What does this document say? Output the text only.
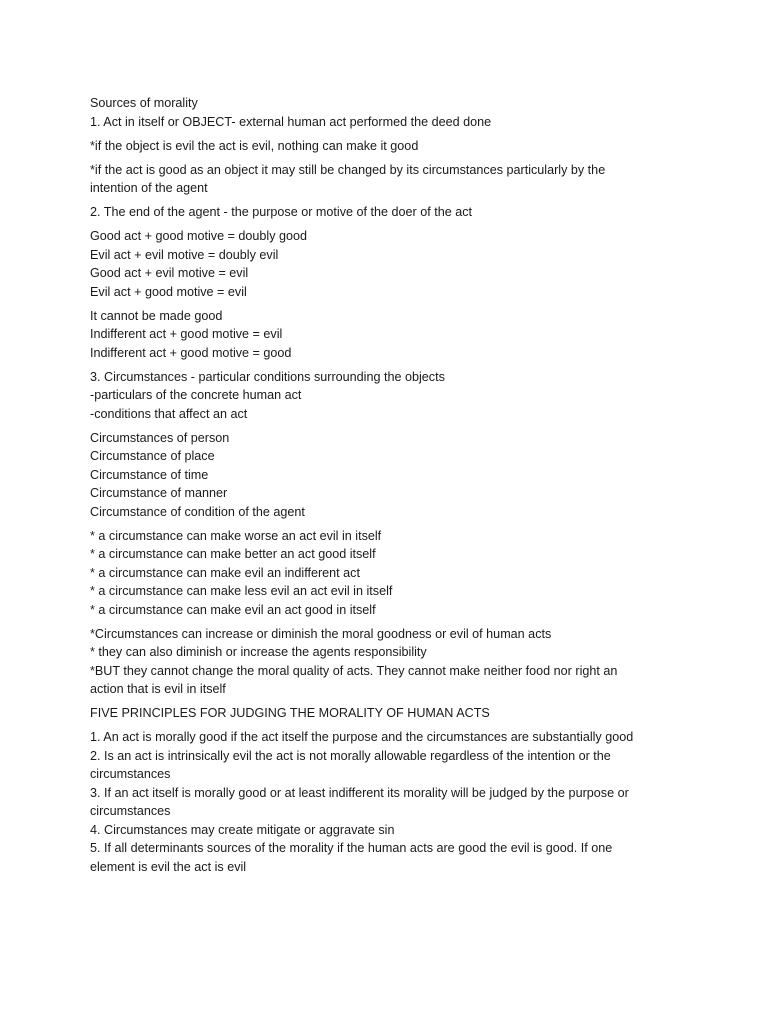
Sources of morality
1. Act in itself or OBJECT- external human act performed the deed done
*if the object is evil the act is evil, nothing can make it good
*if the act is good as an object it may still be changed by its circumstances particularly by the
intention of the agent
2. The end of the agent - the purpose or motive of the doer of the act
Good act + good motive = doubly good
Evil act + evil motive = doubly evil
Good act + evil motive = evil
Evil act + good motive = evil
It cannot be made good
Indifferent act + good motive = evil
Indifferent act + good motive = good
3. Circumstances - particular conditions surrounding the objects
-particulars of the concrete human act
-conditions that affect an act
Circumstances of person
Circumstance of place
Circumstance of time
Circumstance of manner
Circumstance of condition of the agent
* a circumstance can make worse an act evil in itself
* a circumstance can make better an act good itself
* a circumstance can make evil an indifferent act
* a circumstance can make less evil an act evil in itself
* a circumstance can make evil an act good in itself
*Circumstances can increase or diminish the moral goodness or evil of human acts
* they can also diminish or increase the agents responsibility
*BUT they cannot change the moral quality of acts. They cannot make neither food nor right an
action that is evil in itself
FIVE PRINCIPLES FOR JUDGING THE MORALITY OF HUMAN ACTS
1. An act is morally good if the act itself the purpose and the circumstances are substantially good
2. Is an act is intrinsically evil the act is not morally allowable regardless of the intention or the
circumstances
3. If an act itself is morally good or at least indifferent its morality will be judged by the purpose or
circumstances
4. Circumstances may create mitigate or aggravate sin
5. If all determinants sources of the morality if the human acts are good the evil is good. If one
element is evil the act is evil
